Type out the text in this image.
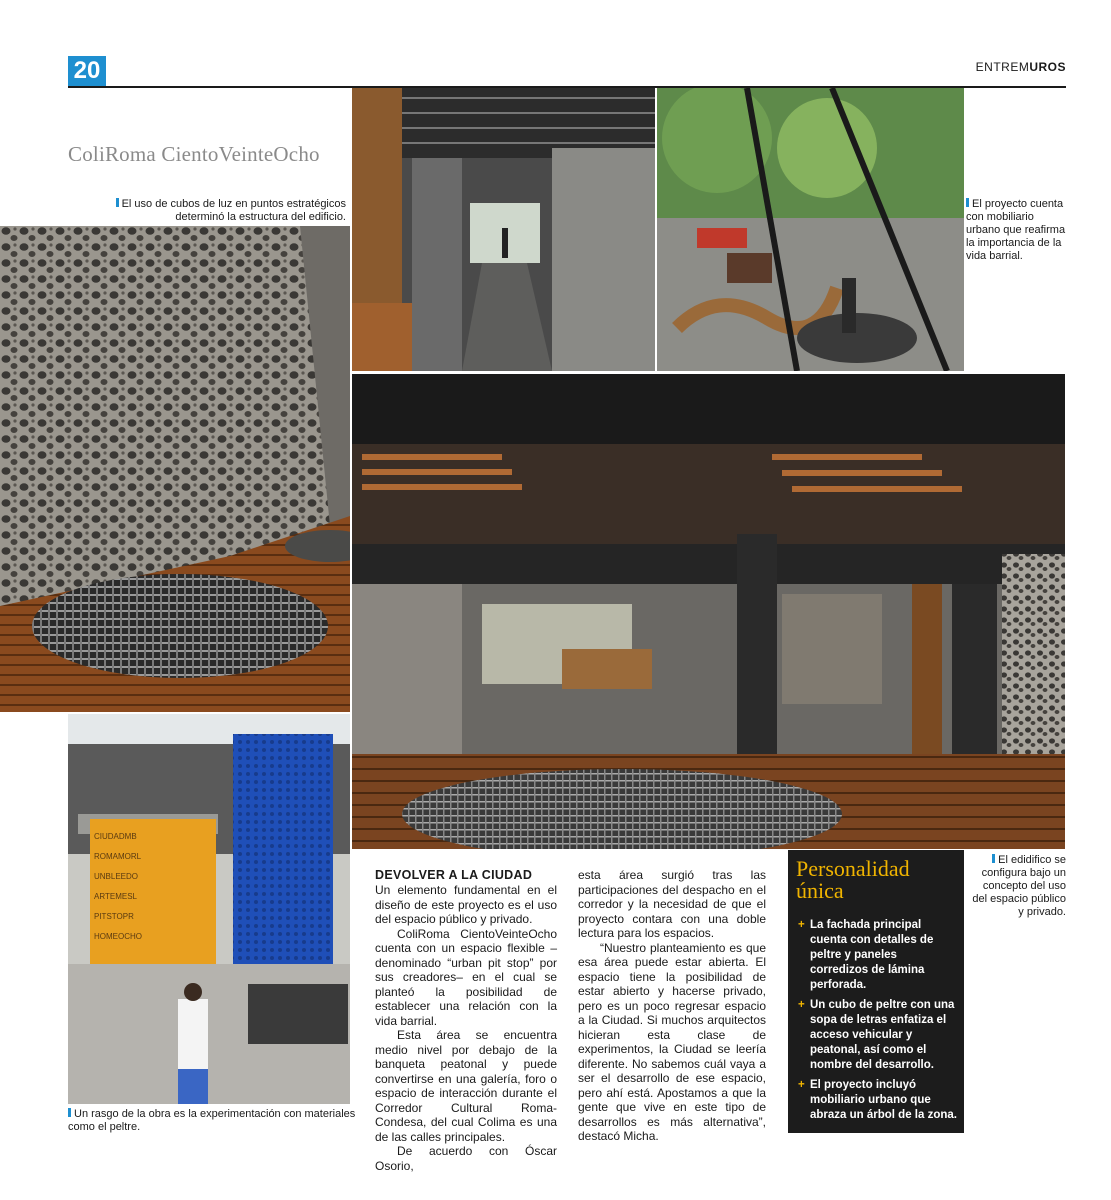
20	ENTREMUROS
ColiRoma CientoVeinteOcho
El uso de cubos de luz en puntos estratégicos determinó la estructura del edificio.
El proyecto cuenta con mobiliario urbano que reafirma la importancia de la vida barrial.
CIUDADMB
ROMAMORL
UNBLEEDO
ARTEMESL
PITSTOPR
HOMEOCHO
Un rasgo de la obra es la experimentación con materiales como el peltre.
DEVOLVER A LA CIUDAD

Un elemento fundamental en el diseño de este proyecto es el uso del espacio público y privado.

ColiRoma CientoVeinteOcho cuenta con un espacio flexible –denominado “urban pit stop” por sus creadores– en el cual se planteó la posibilidad de establecer una relación con la vida barrial.

Esta área se encuentra medio nivel por debajo de la banqueta peatonal y puede convertirse en una galería, foro o espacio de interacción durante el Corredor Cultural Roma-Condesa, del cual Colima es una de las calles principales.

De acuerdo con Óscar Osorio,

esta área surgió tras las participaciones del despacho en el corredor y la necesidad de que el proyecto contara con una doble lectura para los espacios.

“Nuestro planteamiento es que esa área puede estar abierta. El espacio tiene la posibilidad de estar abierto y hacerse privado, pero es un poco regresar espacio a la Ciudad. Si muchos arquitectos hicieran esta clase de experimentos, la Ciudad se leería diferente. No sabemos cuál vaya a ser el desarrollo de ese espacio, pero ahí está. Apostamos a que la gente que vive en este tipo de desarrollos es más alternativa”, destacó Micha.

Personalidad
única
+ La fachada principal cuenta con detalles de peltre y paneles corredizos de lámina perforada.
+ Un cubo de peltre con una sopa de letras enfatiza el acceso vehicular y peatonal, así como el nombre del desarrollo.
+ El proyecto incluyó mobiliario urbano que abraza un árbol de la zona.
El edidifico se configura bajo un concepto del uso del espacio público y privado.
